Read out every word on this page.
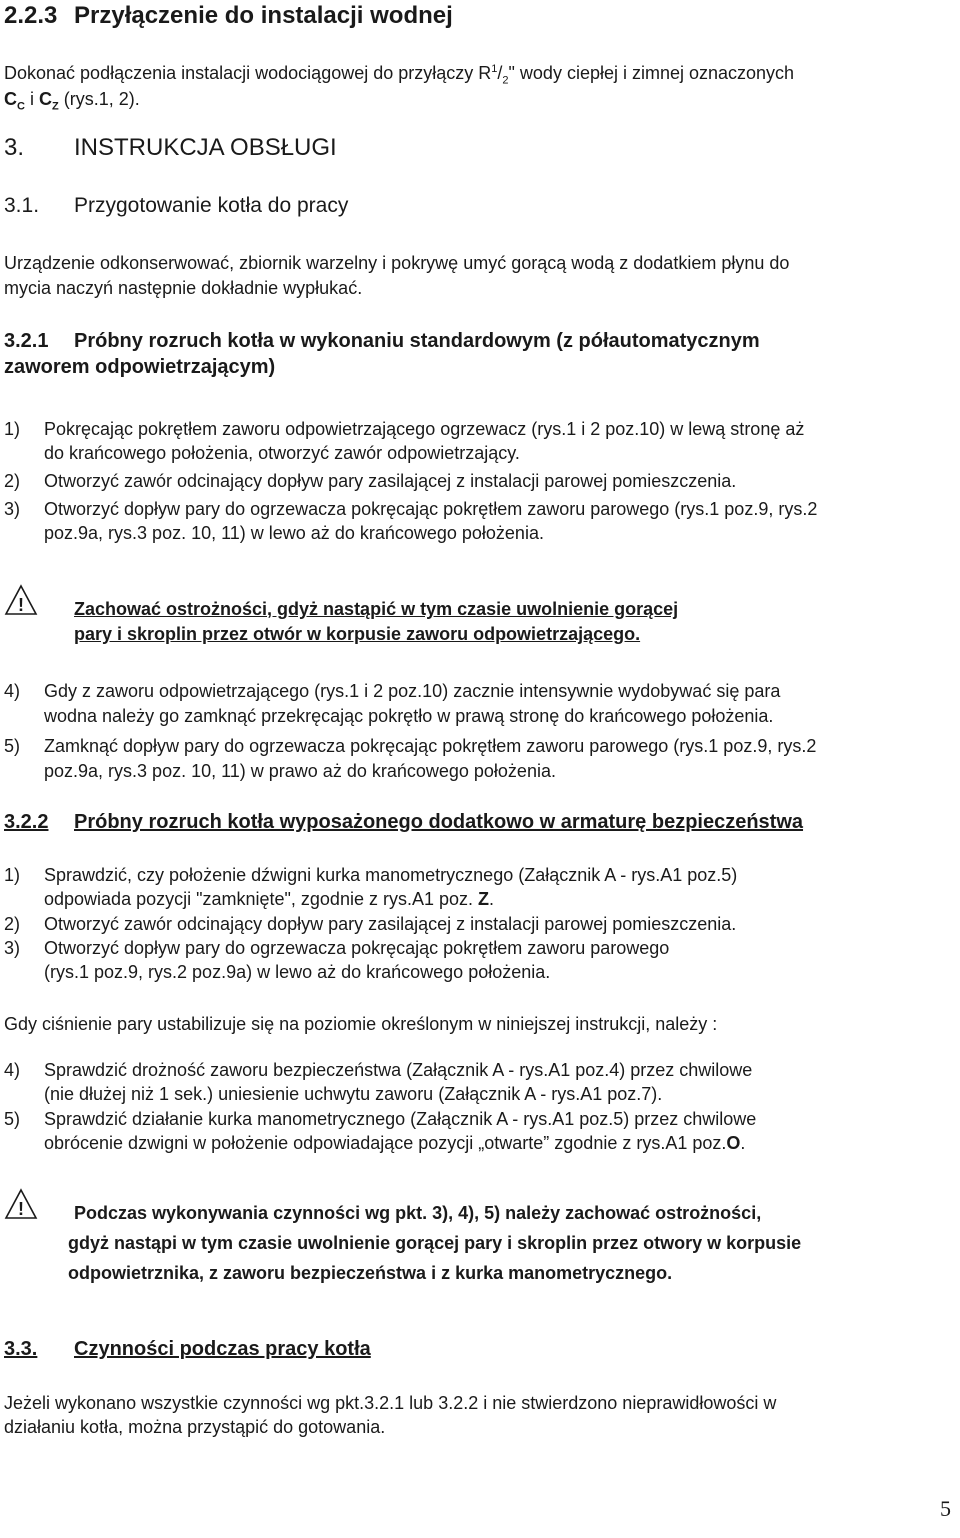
2.2.3 Przyłączenie do instalacji wodnej
Dokonać podłączenia instalacji wodociągowej do przyłączy $R^1/_2$" wody ciepłej i zimnej oznaczonych
$C_C$ i $C_Z$ (rys.1, 2).
3. INSTRUKCJA OBSŁUGI
3.1. Przygotowanie kotła do pracy
Urządzenie odkonserwować, zbiornik warzelny i pokrywę umyć gorącą wodą z dodatkiem płynu do
mycia naczyń następnie dokładnie wypłukać.
3.2.1 Próbny rozruch kotła w wykonaniu standardowym (z półautomatycznym
zaworem odpowietrzającym)
1) Pokręcając pokrętłem zaworu odpowietrzającego ogrzewacz (rys.1 i 2 poz.10) w lewą stronę aż
do krańcowego położenia, otworzyć zawór odpowietrzający.
2) Otworzyć zawór odcinający dopływ pary zasilającej z instalacji parowej pomieszczenia.
3) Otworzyć dopływ pary do ogrzewacza pokręcając pokrętłem zaworu parowego (rys.1 poz.9, rys.2
poz.9a, rys.3 poz. 10, 11) w lewo aż do krańcowego położenia.
!	Zachować ostrożności, gdyż nastąpić w tym czasie uwolnienie gorącej
pary i skroplin przez otwór w korpusie zaworu odpowietrzającego.
4) Gdy z zaworu odpowietrzającego (rys.1 i 2 poz.10) zacznie intensywnie wydobywać się para
wodna należy go zamknąć przekręcając pokrętło w prawą stronę do krańcowego położenia.
5) Zamknąć dopływ pary do ogrzewacza pokręcając pokrętłem zaworu parowego (rys.1 poz.9, rys.2
poz.9a, rys.3 poz. 10, 11) w prawo aż do krańcowego położenia.
3.2.2 Próbny rozruch kotła wyposażonego dodatkowo w armaturę bezpieczeństwa
1) Sprawdzić, czy położenie dźwigni kurka manometrycznego (Załącznik A - rys.A1 poz.5)
odpowiada pozycji "zamknięte", zgodnie z rys.A1 poz. Z.
2) Otworzyć zawór odcinający dopływ pary zasilającej z instalacji parowej pomieszczenia.
3) Otworzyć dopływ pary do ogrzewacza pokręcając pokrętłem zaworu parowego
(rys.1 poz.9, rys.2 poz.9a) w lewo aż do krańcowego położenia.
Gdy ciśnienie pary ustabilizuje się na poziomie określonym w niniejszej instrukcji, należy :
4) Sprawdzić drożność zaworu bezpieczeństwa (Załącznik A - rys.A1 poz.4) przez chwilowe
(nie dłużej niż 1 sek.) uniesienie uchwytu zaworu (Załącznik A - rys.A1 poz.7).
5) Sprawdzić działanie kurka manometrycznego (Załącznik A - rys.A1 poz.5) przez chwilowe
obrócenie dzwigni w położenie odpowiadające pozycji „otwarte” zgodnie z rys.A1 poz.O.
!	Podczas wykonywania czynności wg pkt. 3), 4), 5) należy zachować ostrożności,
gdyż nastąpi w tym czasie uwolnienie gorącej pary i skroplin przez otwory w korpusie
odpowietrznika, z zaworu bezpieczeństwa i z kurka manometrycznego.
3.3. Czynności podczas pracy kotła
Jeżeli wykonano wszystkie czynności wg pkt.3.2.1 lub 3.2.2 i nie stwierdzono nieprawidłowości w
działaniu kotła, można przystąpić do gotowania.
5
